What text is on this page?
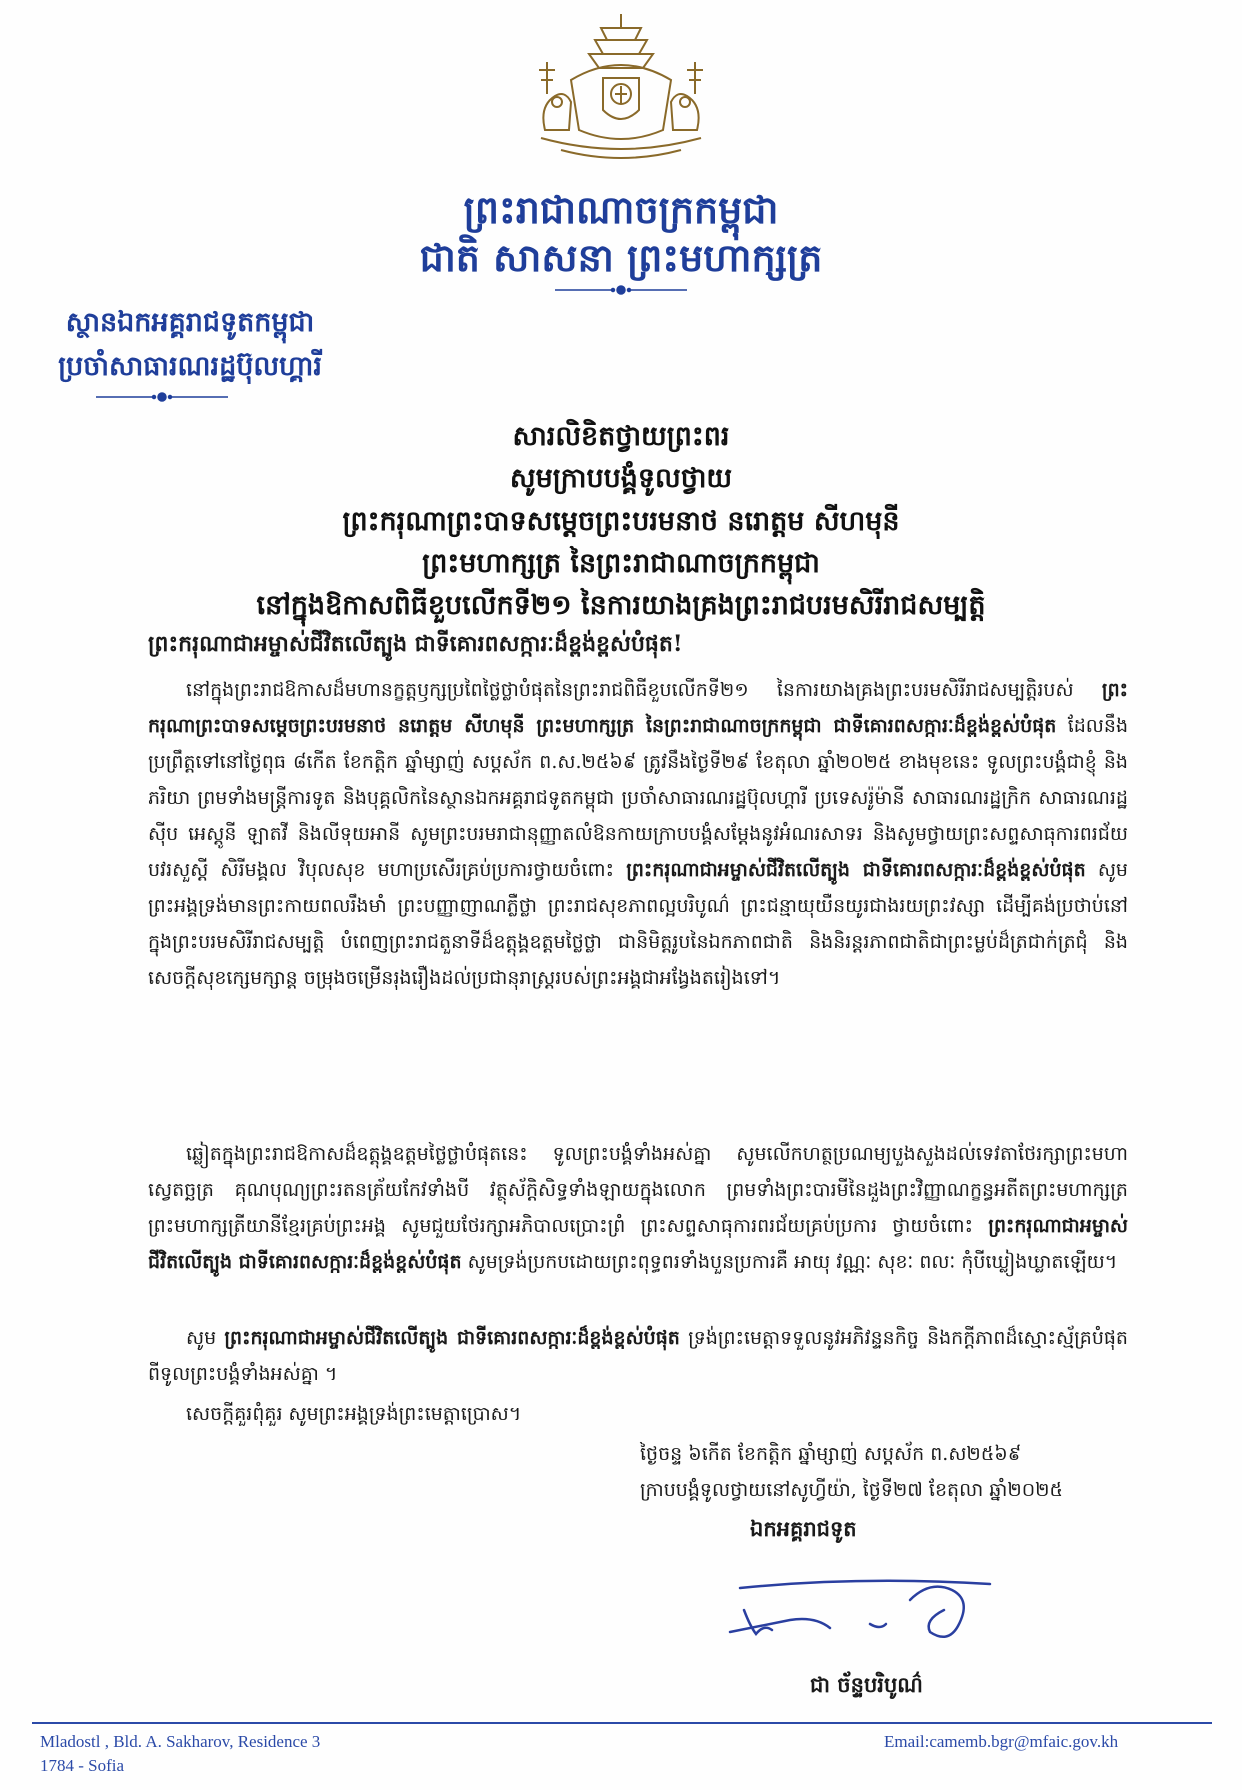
ព្រះរាជាណាចក្រកម្ពុជា
ជាតិ សាសនា ព្រះមហាក្សត្រ
ស្ថានឯកអគ្គរាជទូតកម្ពុជា
ប្រចាំសាធារណរដ្ឋប៊ុលហ្គារី
សារលិខិតថ្វាយព្រះពរ
សូមក្រាបបង្គំទូលថ្វាយ
ព្រះករុណាព្រះបាទសម្តេចព្រះបរមនាថ នរោត្តម សីហមុនី
ព្រះមហាក្សត្រ នៃព្រះរាជាណាចក្រកម្ពុជា
នៅក្នុងឱកាសពិធីខួបលើកទី២១ នៃការយាងគ្រងព្រះរាជបរមសិរីរាជសម្បត្តិ
ព្រះករុណាជាអម្ចាស់ជីវិតលើត្បូង ជាទីគោរពសក្ការៈដ៏ខ្ពង់ខ្ពស់បំផុត!
នៅក្នុងព្រះរាជឱកាសដ៏មហានក្ខត្តឫក្សប្រពៃថ្លៃថ្លាបំផុតនៃព្រះរាជពិធីខួបលើកទី២១ នៃការយាងគ្រងព្រះបរមសិរីរាជសម្បត្តិរបស់ ព្រះករុណាព្រះបាទសម្តេចព្រះបរមនាថ នរោត្តម សីហមុនី ព្រះមហាក្សត្រ នៃព្រះរាជាណាចក្រកម្ពុជា ជាទីគោរពសក្ការៈដ៏ខ្ពង់ខ្ពស់បំផុត ដែលនឹងប្រព្រឹត្តទៅនៅថ្ងៃពុធ ៨កើត ខែកត្តិក ឆ្នាំម្សាញ់ សប្តស័ក ព.ស.២៥៦៩ ត្រូវនឹងថ្ងៃទី២៩ ខែតុលា ឆ្នាំ២០២៥ ខាងមុខនេះ ទូលព្រះបង្គំជាខ្ញុំ និងភរិយា ព្រមទាំងមន្រ្តីការទូត និងបុគ្គលិកនៃស្ថានឯកអគ្គរាជទូតកម្ពុជា ប្រចាំសាធារណរដ្ឋប៊ុលហ្គារី ប្រទេសរ៉ូម៉ានី សាធារណរដ្ឋក្រិក សាធារណរដ្ឋស៊ីប អេស្តូនី ឡាតវី និងលីទុយអានី សូមព្រះបរមរាជានុញ្ញាតលំឱនកាយក្រាបបង្គំសម្តែងនូវអំណរសាទរ និងសូមថ្វាយព្រះសព្ទសាធុការពរជ័យ បវរសួស្តី សិរីមង្គល វិបុលសុខ មហាប្រសើរគ្រប់ប្រការថ្វាយចំពោះ ព្រះករុណាជាអម្ចាស់ជីវិតលើត្បូង ជាទីគោរពសក្ការៈដ៏ខ្ពង់ខ្ពស់បំផុត សូមព្រះអង្គទ្រង់មានព្រះកាយពលរឹងមាំ ព្រះបញ្ញាញាណភ្លឺថ្លា ព្រះរាជសុខភាពល្អបរិបូណ៌ ព្រះជន្មាយុយឺនយូរជាងរយព្រះវស្សា ដើម្បីគង់ប្រថាប់នៅក្នុងព្រះបរមសិរីរាជសម្បត្តិ បំពេញព្រះរាជតួនាទីដ៏ឧត្តុង្គឧត្តមថ្លៃថ្លា ជានិមិត្តរូបនៃឯកភាពជាតិ និងនិរន្តរភាពជាតិជាព្រះម្លប់ដ៏ត្រជាក់ត្រជុំ និងសេចក្តីសុខក្សេមក្សាន្ត ចម្រុងចម្រើនរុងរឿងដល់ប្រជានុរាស្រ្តរបស់ព្រះអង្គជាអង្វែងតរៀងទៅ។
ឆ្លៀតក្នុងព្រះរាជឱកាសដ៏ឧត្តុង្គឧត្តមថ្លៃថ្លាបំផុតនេះ ទូលព្រះបង្គំទាំងអស់គ្នា សូមលើកហត្ថប្រណម្យបួងសួងដល់ទេវតាថែរក្សាព្រះមហាស្វេតច្ឆត្រ គុណបុណ្យព្រះរតនត្រ័យកែវទាំងបី វត្ថុស័ក្តិសិទ្ធទាំងឡាយក្នុងលោក ព្រមទាំងព្រះបារមីនៃដួងព្រះវិញ្ញាណក្ខន្ធអតីតព្រះមហាក្សត្រ ព្រះមហាក្សត្រីយានីខ្មែរគ្រប់ព្រះអង្គ សូមជួយថែរក្សាអភិបាលប្រោះព្រំ ព្រះសព្ទសាធុការពរជ័យគ្រប់ប្រការ ថ្វាយចំពោះ ព្រះករុណាជាអម្ចាស់ជីវិតលើត្បូង ជាទីគោរពសក្ការៈដ៏ខ្ពង់ខ្ពស់បំផុត សូមទ្រង់ប្រកបដោយព្រះពុទ្ធពរទាំងបួនប្រការគឺ អាយុ វណ្ណៈ សុខៈ ពលៈ កុំបីឃ្លៀងឃ្លាតឡើយ។
សូម ព្រះករុណាជាអម្ចាស់ជីវិតលើត្បូង ជាទីគោរពសក្ការៈដ៏ខ្ពង់ខ្ពស់បំផុត ទ្រង់ព្រះមេត្តាទទួលនូវអភិវន្ទនកិច្ច និងកក្តីភាពដ៏ស្មោះស្ម័គ្របំផុត ពីទូលព្រះបង្គំទាំងអស់គ្នា ។
សេចក្តីគួរពុំគួរ សូមព្រះអង្គទ្រង់ព្រះមេត្តាប្រោស។
ថ្ងៃចន្ទ ៦កើត ខែកត្តិក ឆ្នាំម្សាញ់ សប្តស័ក ព.ស២៥៦៩
ក្រាបបង្គំទូលថ្វាយនៅសូហ្វីយ៉ា, ថ្ងៃទី២៧ ខែតុលា ឆ្នាំ២០២៥
ឯកអគ្គរាជទូត
ជា ច័ន្ទបរិបូណ៌
Mladostl , Bld. A. Sakharov, Residence 3
1784 - Sofia
Email:camemb.bgr@mfaic.gov.kh
